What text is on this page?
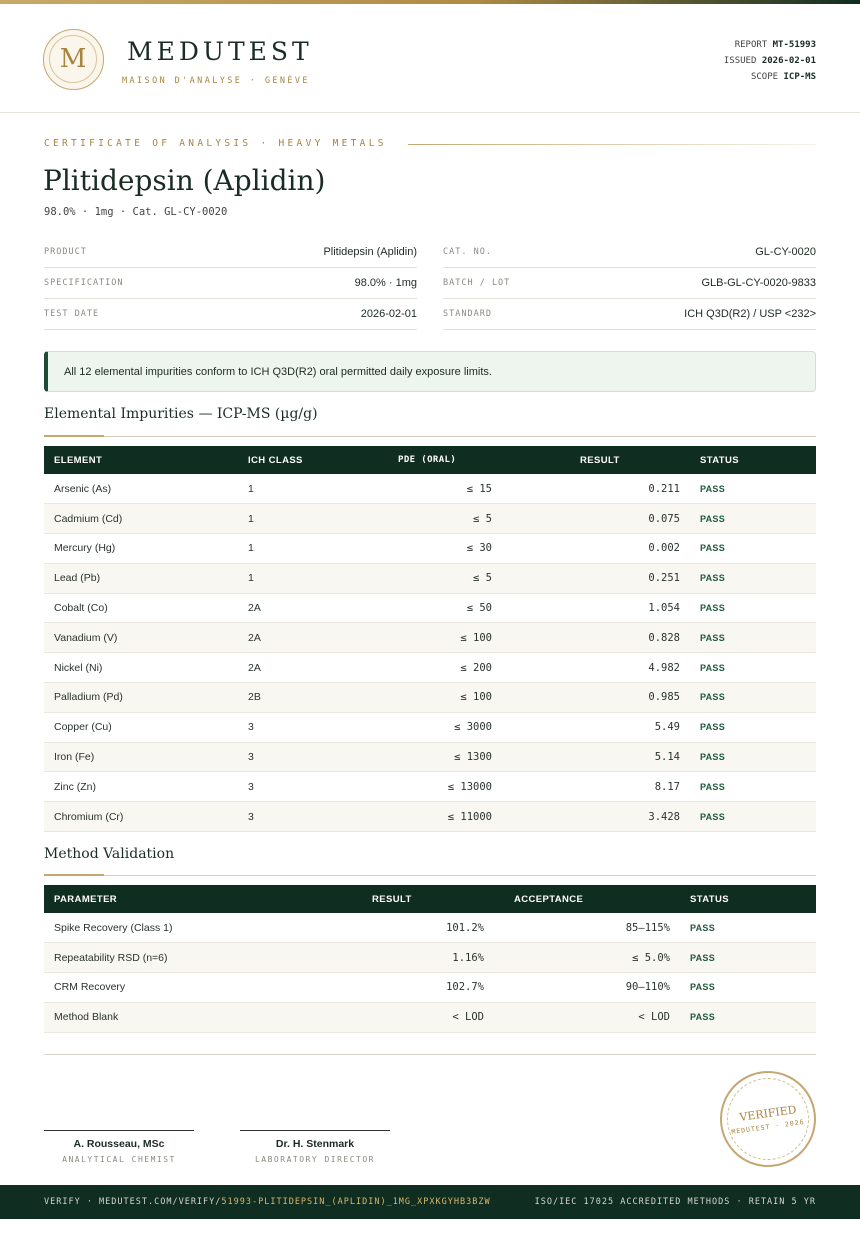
M	MEDUTEST
MAISON D'ANALYSE · GENÈVE
REPORT MT-51993
ISSUED 2026-02-01
SCOPE ICP-MS
CERTIFICATE OF ANALYSIS · HEAVY METALS
Plitidepsin (Aplidin)
98.0% · 1mg · Cat. GL-CY-0020
PRODUCT	Plitidepsin (Aplidin)
SPECIFICATION	98.0% · 1mg
TEST DATE	2026-02-01
CAT. NO.	GL-CY-0020
BATCH / LOT	GLB-GL-CY-0020-9833
STANDARD	ICH Q3D(R2) / USP <232>
All 12 elemental impurities conform to ICH Q3D(R2) oral permitted daily exposure limits.
Elemental Impurities — ICP-MS (µg/g)
ELEMENT	ICH CLASS	PDE (ORAL)	RESULT	STATUS
Arsenic (As)	1	≤ 15	0.211	PASS
Cadmium (Cd)	1	≤ 5	0.075	PASS
Mercury (Hg)	1	≤ 30	0.002	PASS
Lead (Pb)	1	≤ 5	0.251	PASS
Cobalt (Co)	2A	≤ 50	1.054	PASS
Vanadium (V)	2A	≤ 100	0.828	PASS
Nickel (Ni)	2A	≤ 200	4.982	PASS
Palladium (Pd)	2B	≤ 100	0.985	PASS
Copper (Cu)	3	≤ 3000	5.49	PASS
Iron (Fe)	3	≤ 1300	5.14	PASS
Zinc (Zn)	3	≤ 13000	8.17	PASS
Chromium (Cr)	3	≤ 11000	3.428	PASS
Method Validation
PARAMETER	RESULT	ACCEPTANCE	STATUS
Spike Recovery (Class 1)	101.2%	85–115%	PASS
Repeatability RSD (n=6)	1.16%	≤ 5.0%	PASS
CRM Recovery	102.7%	90–110%	PASS
Method Blank	< LOD	< LOD	PASS
A. Rousseau, MSc
ANALYTICAL CHEMIST
Dr. H. Stenmark
LABORATORY DIRECTOR
VERIFIED
MEDUTEST · 2026
VERIFY · MEDUTEST.COM/VERIFY/51993-PLITIDEPSIN_(APLIDIN)_1MG_XPXKGYHB3BZW	ISO/IEC 17025 ACCREDITED METHODS · RETAIN 5 YR
